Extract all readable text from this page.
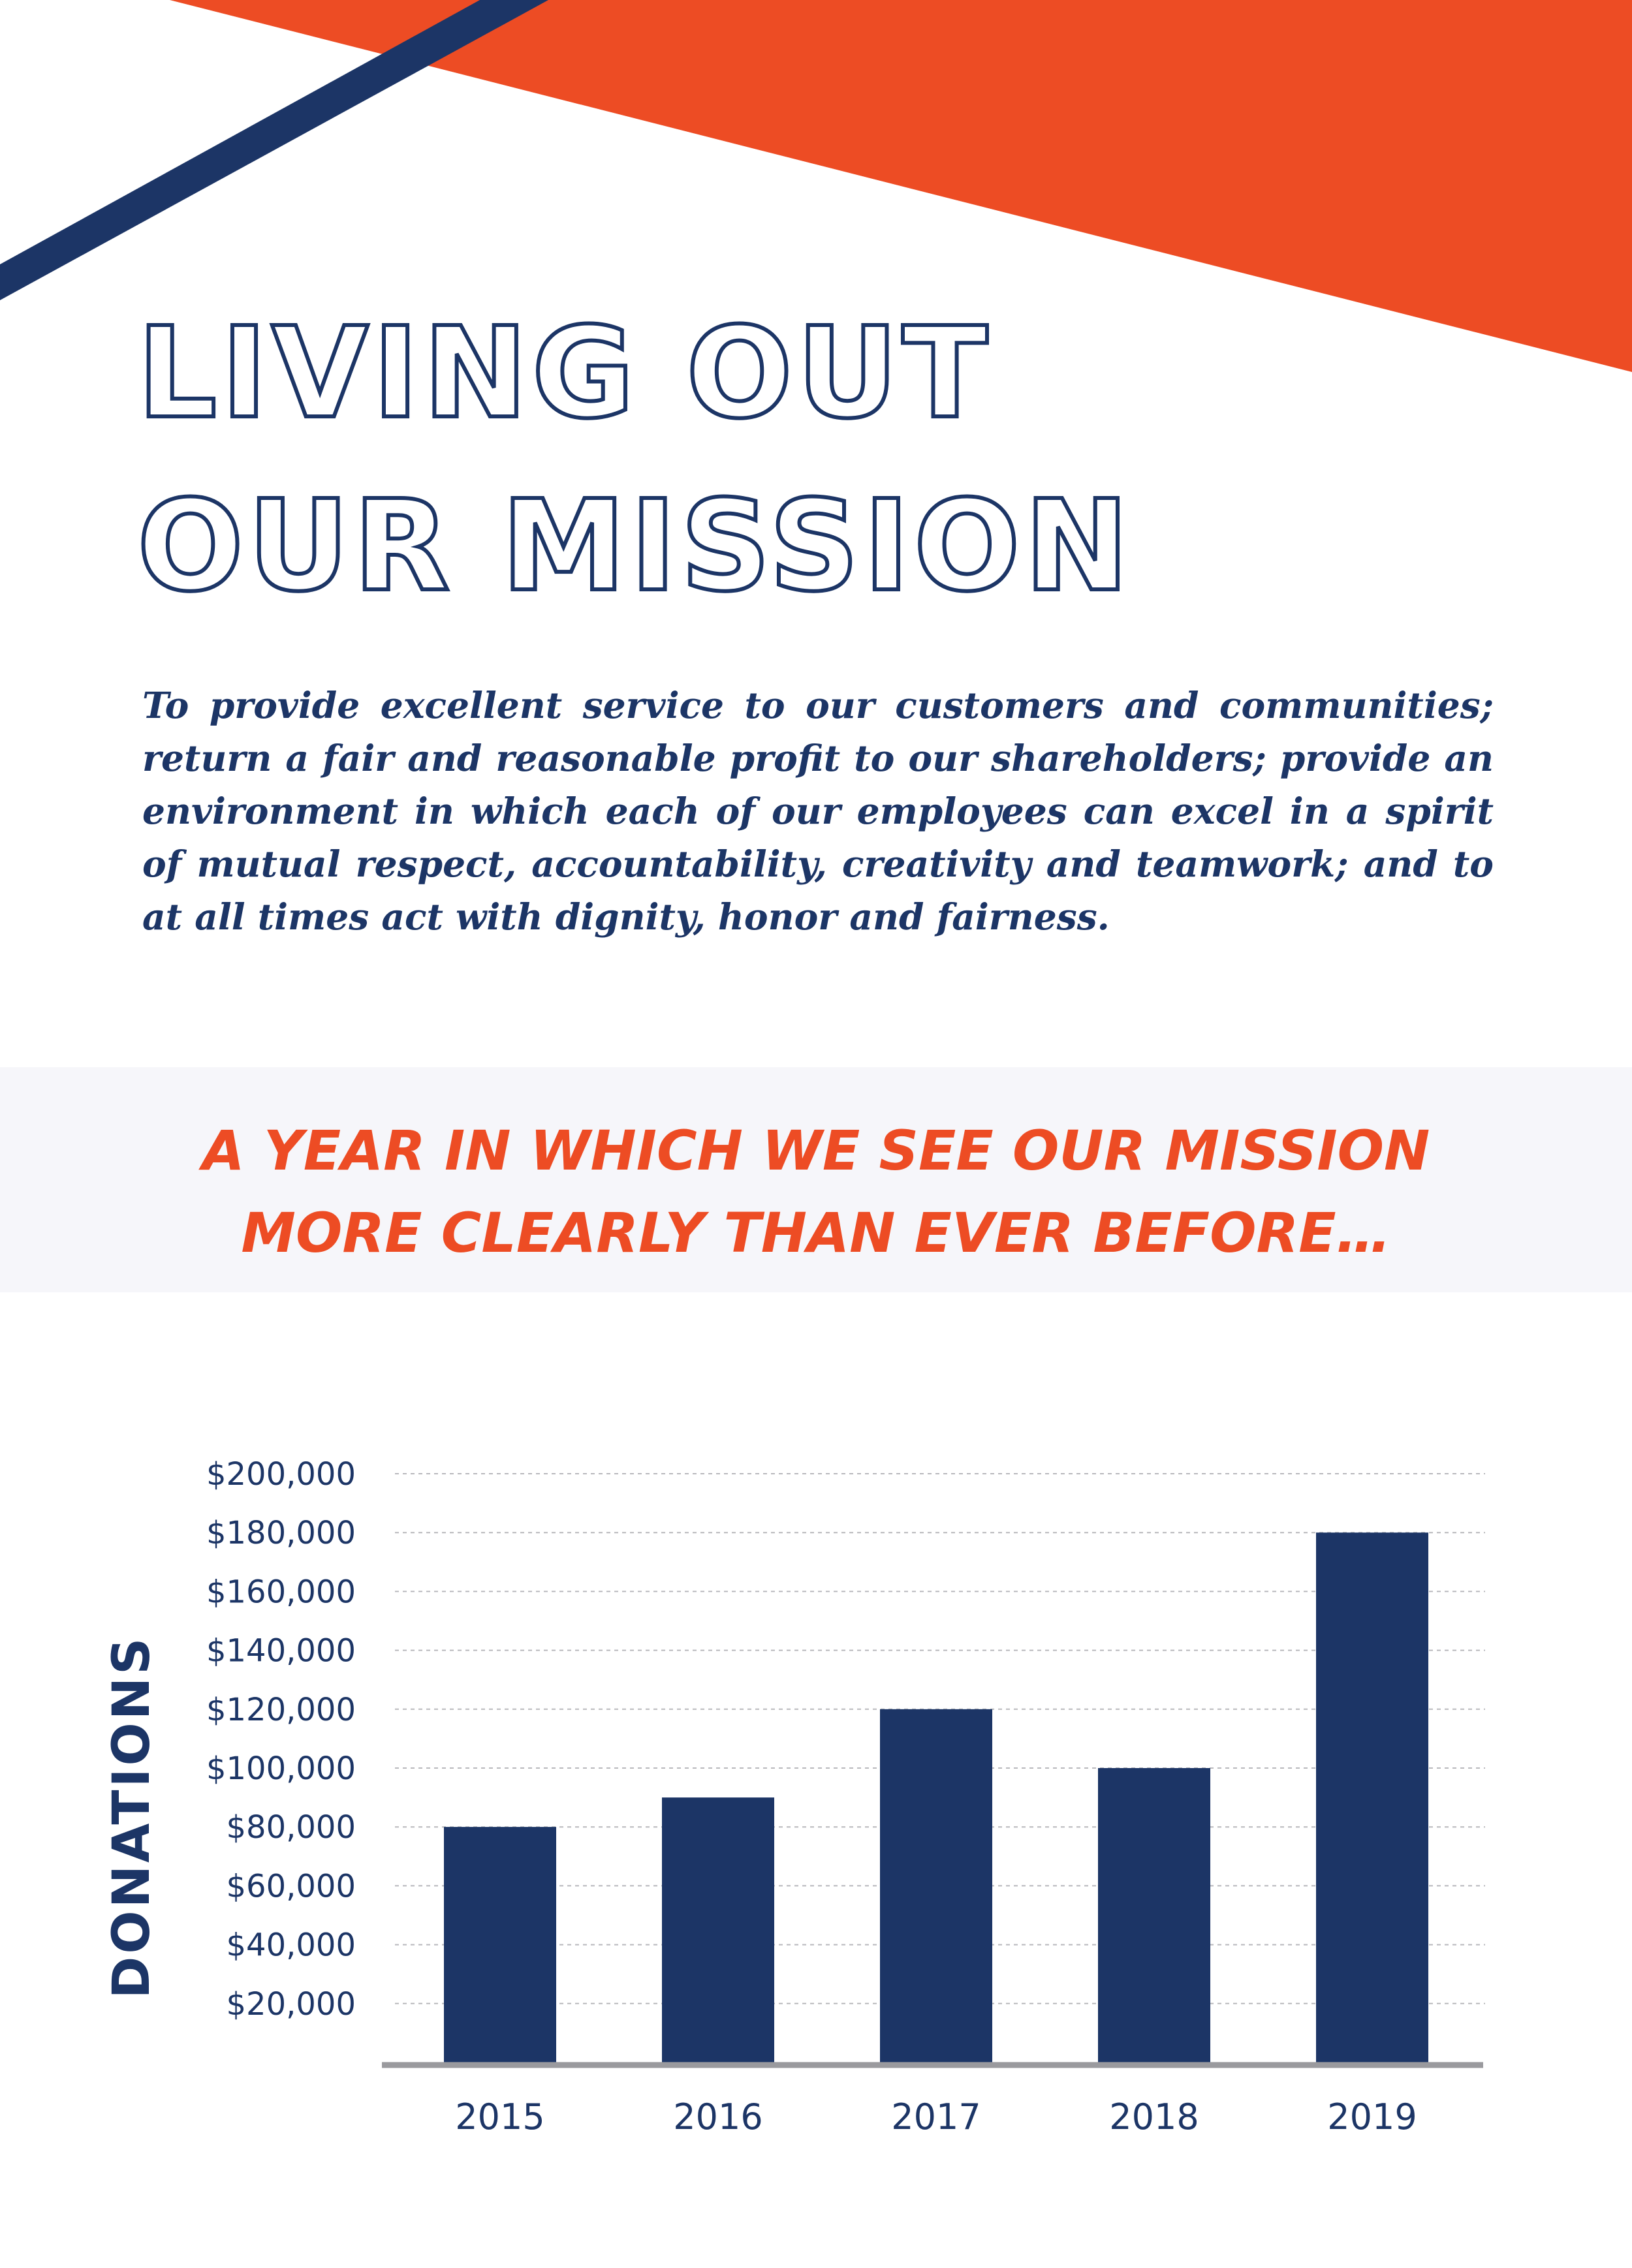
LIVING OUT
OUR MISSION

To provide excellent service to our customers and communities; return a fair and reasonable profit to our shareholders; provide an environment in which each of our employees can excel in a spirit of mutual respect, accountability, creativity and teamwork; and to at all times act with dignity, honor and fairness.

A YEAR IN WHICH WE SEE OUR MISSION
MORE CLEARLY THAN EVER BEFORE…
$20,000
$40,000
$60,000
$80,000
$100,000
$120,000
$140,000
$160,000
$180,000
$200,000
2015	2016	2017	2018	2019
DONATIONS
